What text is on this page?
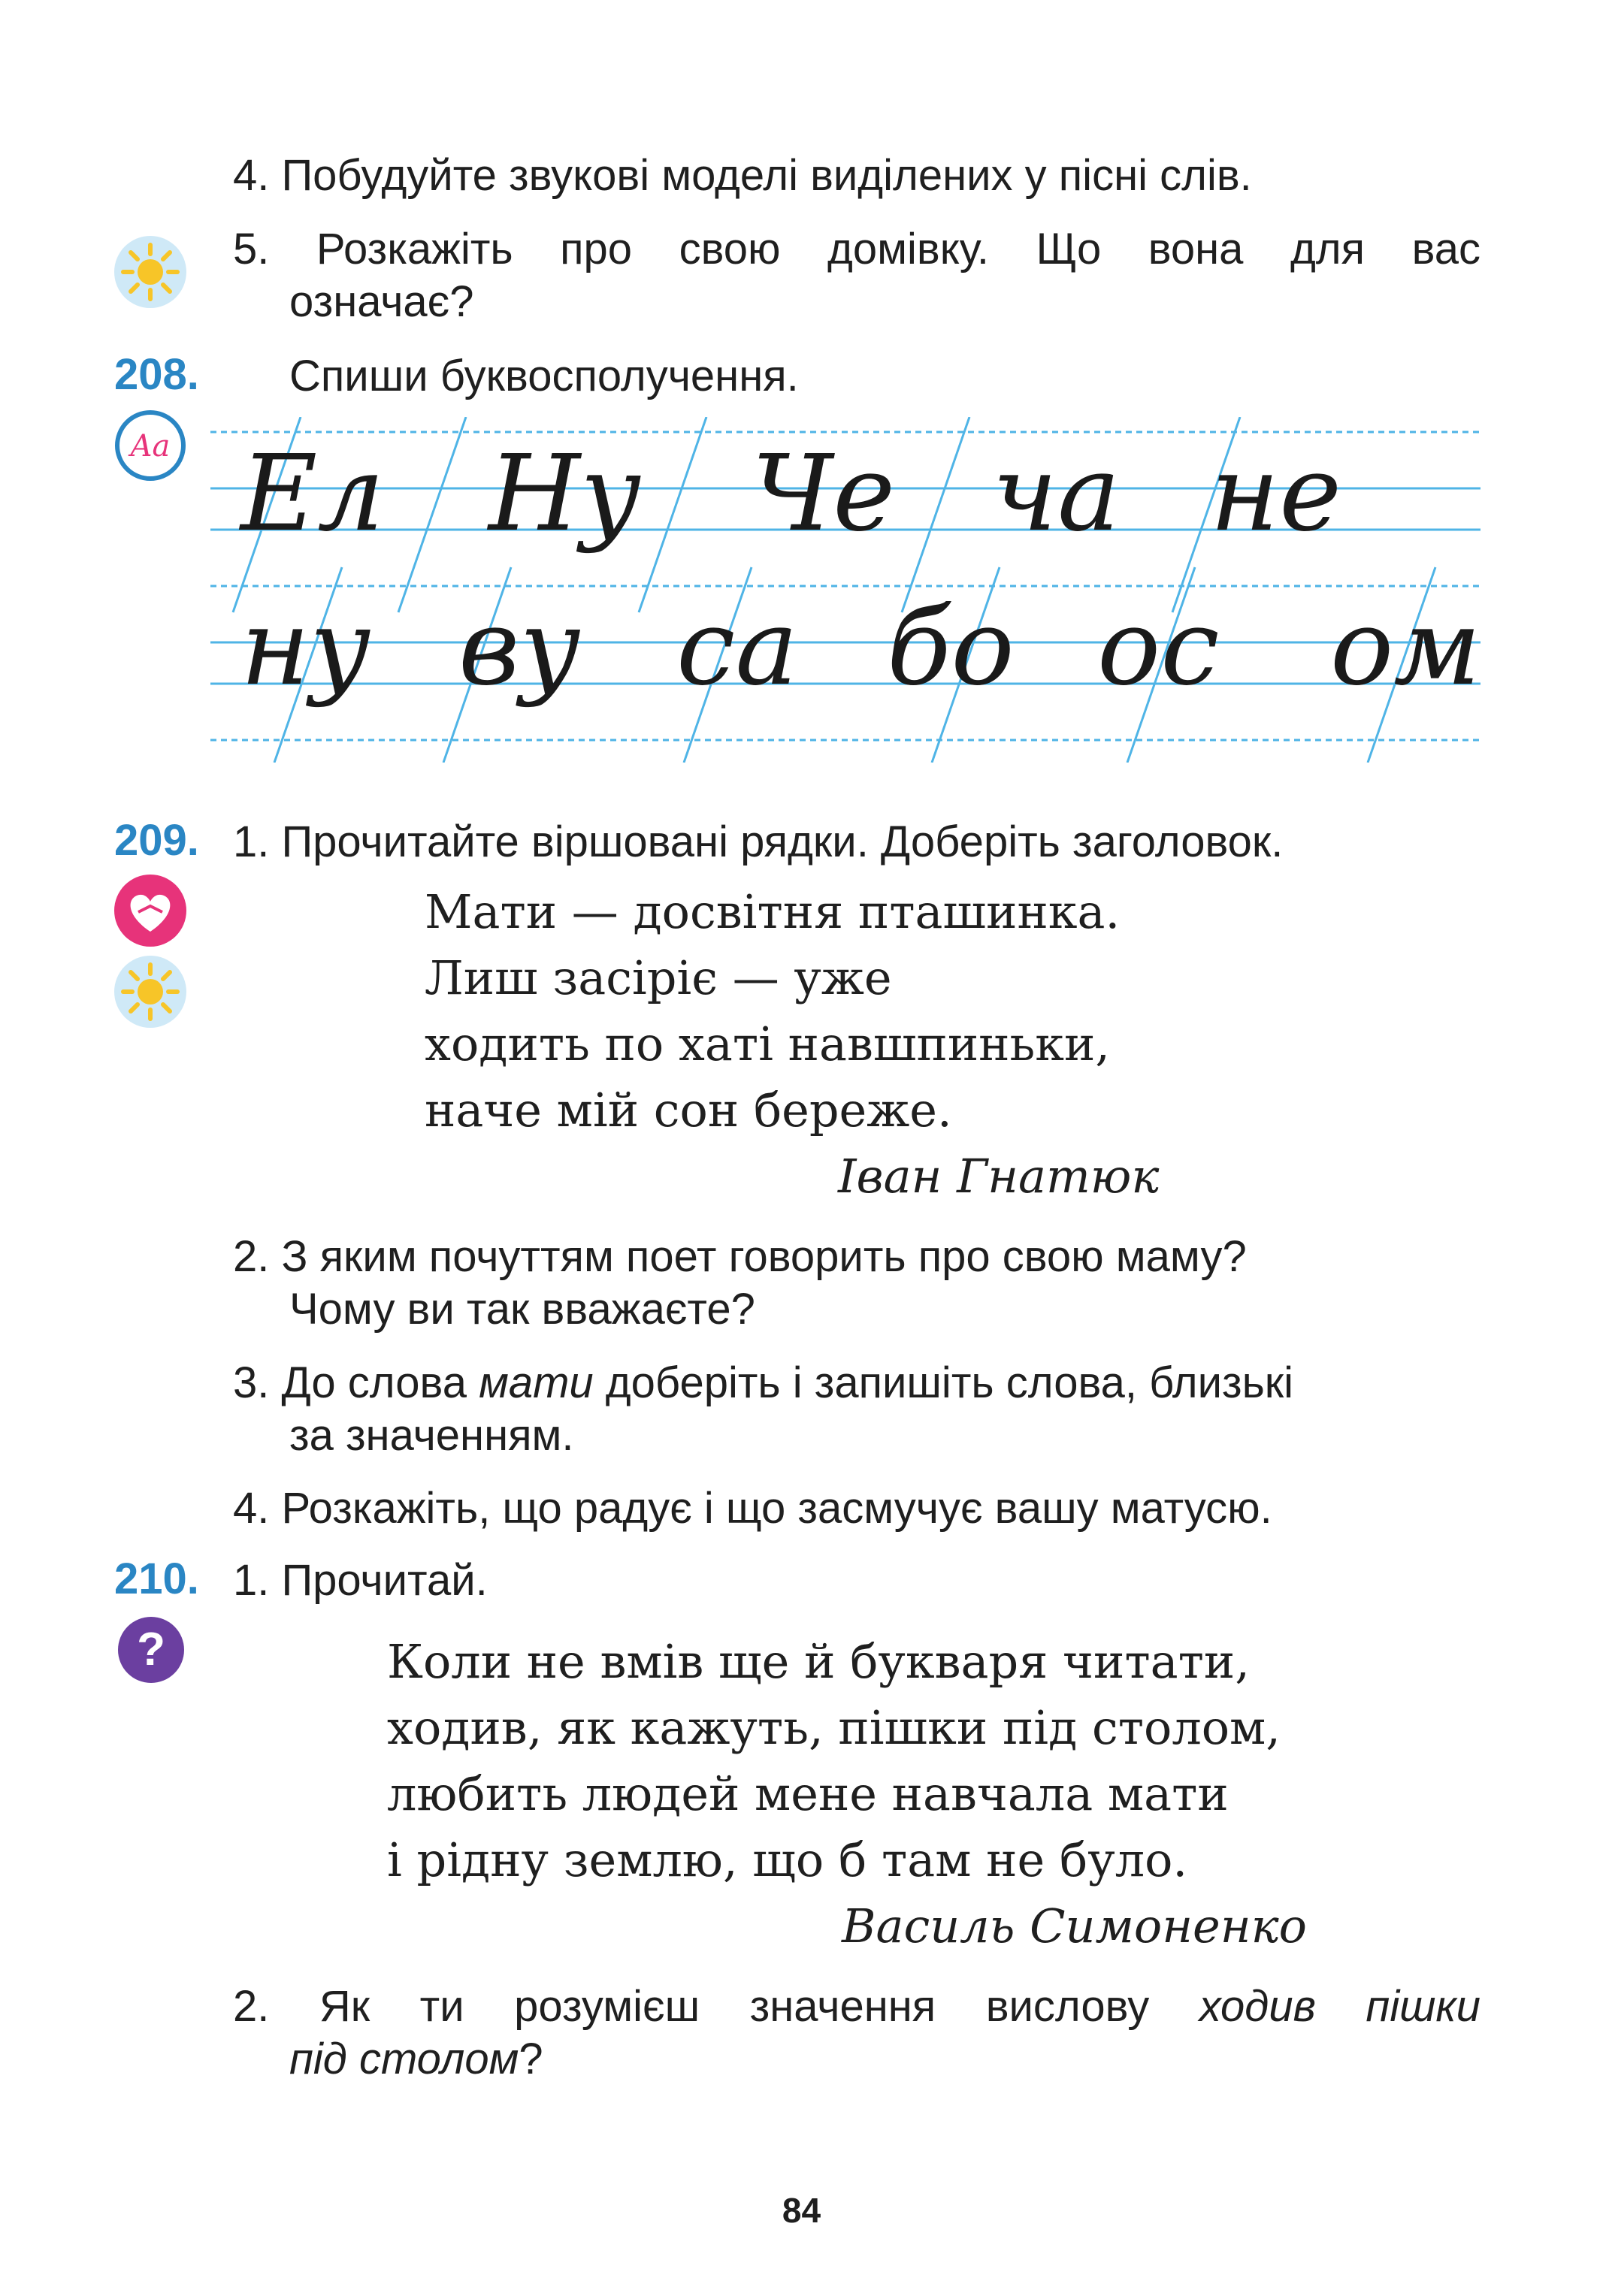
4. Побудуйте звукові моделі виділених у пісні слів.
5. Розкажіть про свою домівку. Що вона для вас
означає?
208. Спиши буквосполучення.
Aa Ел Ну Че ча не
ну ву са бо ос ом
209. 1. Прочитайте віршовані рядки. Доберіть заголовок.
Мати — досвітня пташинка.
Лиш засіріє — уже
ходить по хаті навшпиньки,
наче мій сон береже.
Іван Гнатюк
2. З яким почуттям поет говорить про свою маму?
Чому ви так вважаєте?
3. До слова мати доберіть і запишіть слова, близькі
за значенням.
4. Розкажіть, що радує і що засмучує вашу матусю.
210. 1. Прочитай.
?	Коли не вмів ще й букваря читати,
ходив, як кажуть, пішки під столом,
любить людей мене навчала мати
і рідну землю, що б там не було.
Василь Симоненко
2. Як ти розумієш значення вислову ходив пішки
під столом?
84
